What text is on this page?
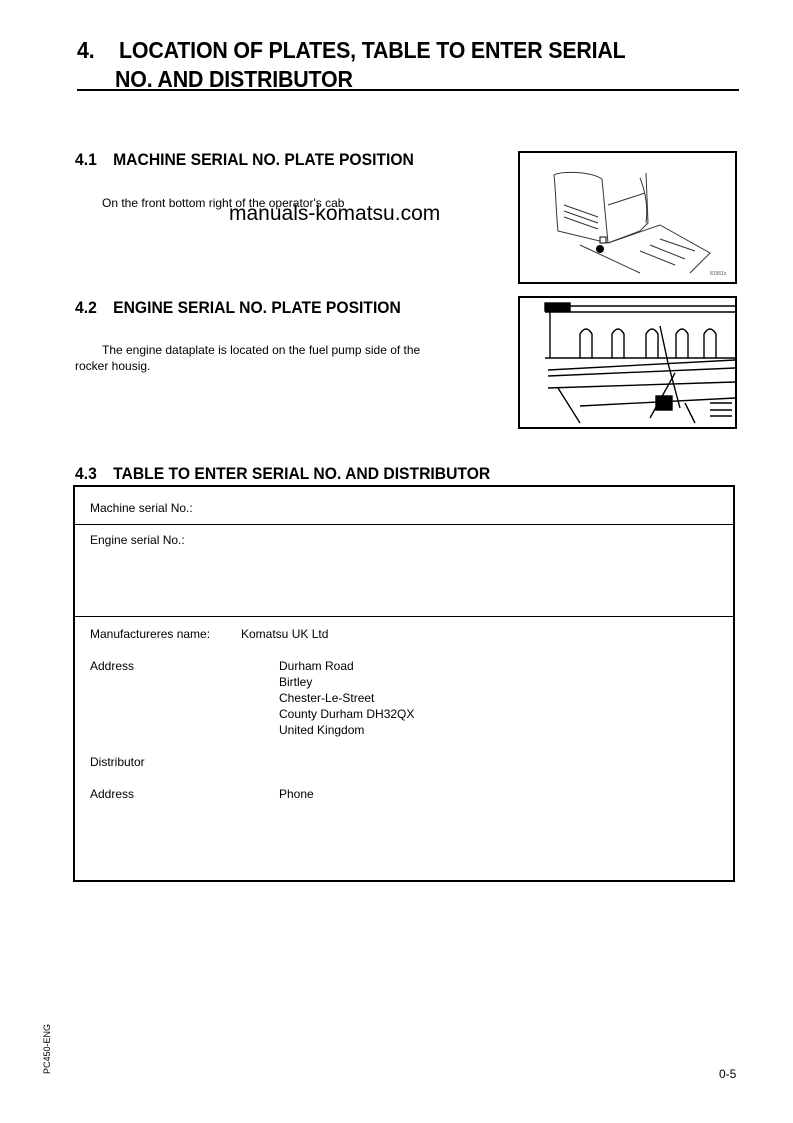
4. LOCATION OF PLATES, TABLE TO ENTER SERIAL
NO. AND DISTRIBUTOR
4.1 MACHINE SERIAL NO. PLATE POSITION
On the front bottom right of the operator's cab
manuals-komatsu.com
81961z
4.2 ENGINE SERIAL NO. PLATE POSITION
The engine dataplate is located on the fuel pump side of the
rocker housig.
4.3 TABLE TO ENTER SERIAL NO. AND DISTRIBUTOR
Machine serial No.:
Engine serial No.:
Manufactureres name:	Komatsu UK Ltd
Address	Durham Road
Birtley
Chester-Le-Street
County Durham DH32QX
United Kingdom
Distributor
Address	Phone
PC450-ENG	0-5
